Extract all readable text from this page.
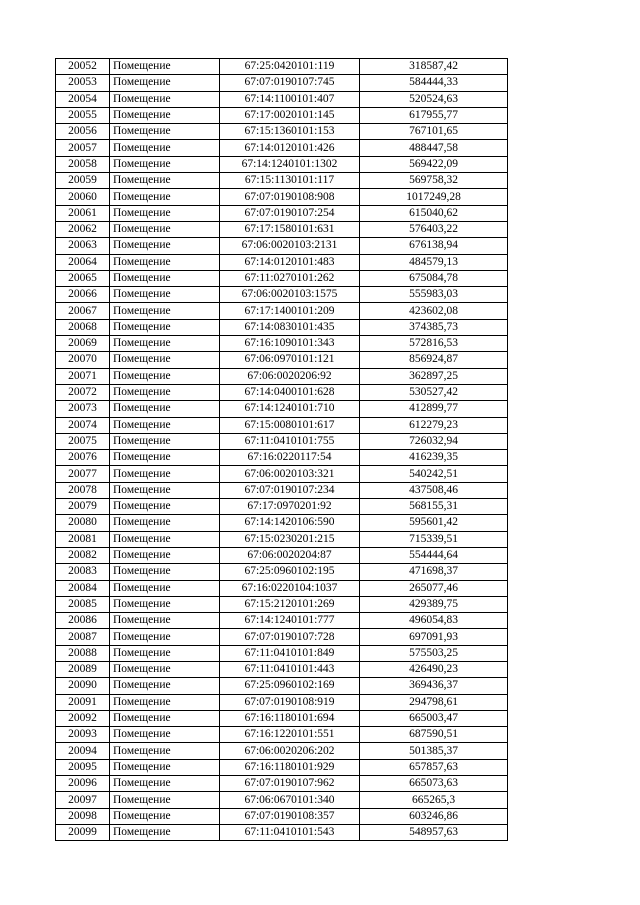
20052	Помещение	67:25:0420101:119	318587,42
20053	Помещение	67:07:0190107:745	584444,33
20054	Помещение	67:14:1100101:407	520524,63
20055	Помещение	67:17:0020101:145	617955,77
20056	Помещение	67:15:1360101:153	767101,65
20057	Помещение	67:14:0120101:426	488447,58
20058	Помещение	67:14:1240101:1302	569422,09
20059	Помещение	67:15:1130101:117	569758,32
20060	Помещение	67:07:0190108:908	1017249,28
20061	Помещение	67:07:0190107:254	615040,62
20062	Помещение	67:17:1580101:631	576403,22
20063	Помещение	67:06:0020103:2131	676138,94
20064	Помещение	67:14:0120101:483	484579,13
20065	Помещение	67:11:0270101:262	675084,78
20066	Помещение	67:06:0020103:1575	555983,03
20067	Помещение	67:17:1400101:209	423602,08
20068	Помещение	67:14:0830101:435	374385,73
20069	Помещение	67:16:1090101:343	572816,53
20070	Помещение	67:06:0970101:121	856924,87
20071	Помещение	67:06:0020206:92	362897,25
20072	Помещение	67:14:0400101:628	530527,42
20073	Помещение	67:14:1240101:710	412899,77
20074	Помещение	67:15:0080101:617	612279,23
20075	Помещение	67:11:0410101:755	726032,94
20076	Помещение	67:16:0220117:54	416239,35
20077	Помещение	67:06:0020103:321	540242,51
20078	Помещение	67:07:0190107:234	437508,46
20079	Помещение	67:17:0970201:92	568155,31
20080	Помещение	67:14:1420106:590	595601,42
20081	Помещение	67:15:0230201:215	715339,51
20082	Помещение	67:06:0020204:87	554444,64
20083	Помещение	67:25:0960102:195	471698,37
20084	Помещение	67:16:0220104:1037	265077,46
20085	Помещение	67:15:2120101:269	429389,75
20086	Помещение	67:14:1240101:777	496054,83
20087	Помещение	67:07:0190107:728	697091,93
20088	Помещение	67:11:0410101:849	575503,25
20089	Помещение	67:11:0410101:443	426490,23
20090	Помещение	67:25:0960102:169	369436,37
20091	Помещение	67:07:0190108:919	294798,61
20092	Помещение	67:16:1180101:694	665003,47
20093	Помещение	67:16:1220101:551	687590,51
20094	Помещение	67:06:0020206:202	501385,37
20095	Помещение	67:16:1180101:929	657857,63
20096	Помещение	67:07:0190107:962	665073,63
20097	Помещение	67:06:0670101:340	665265,3
20098	Помещение	67:07:0190108:357	603246,86
20099	Помещение	67:11:0410101:543	548957,63
